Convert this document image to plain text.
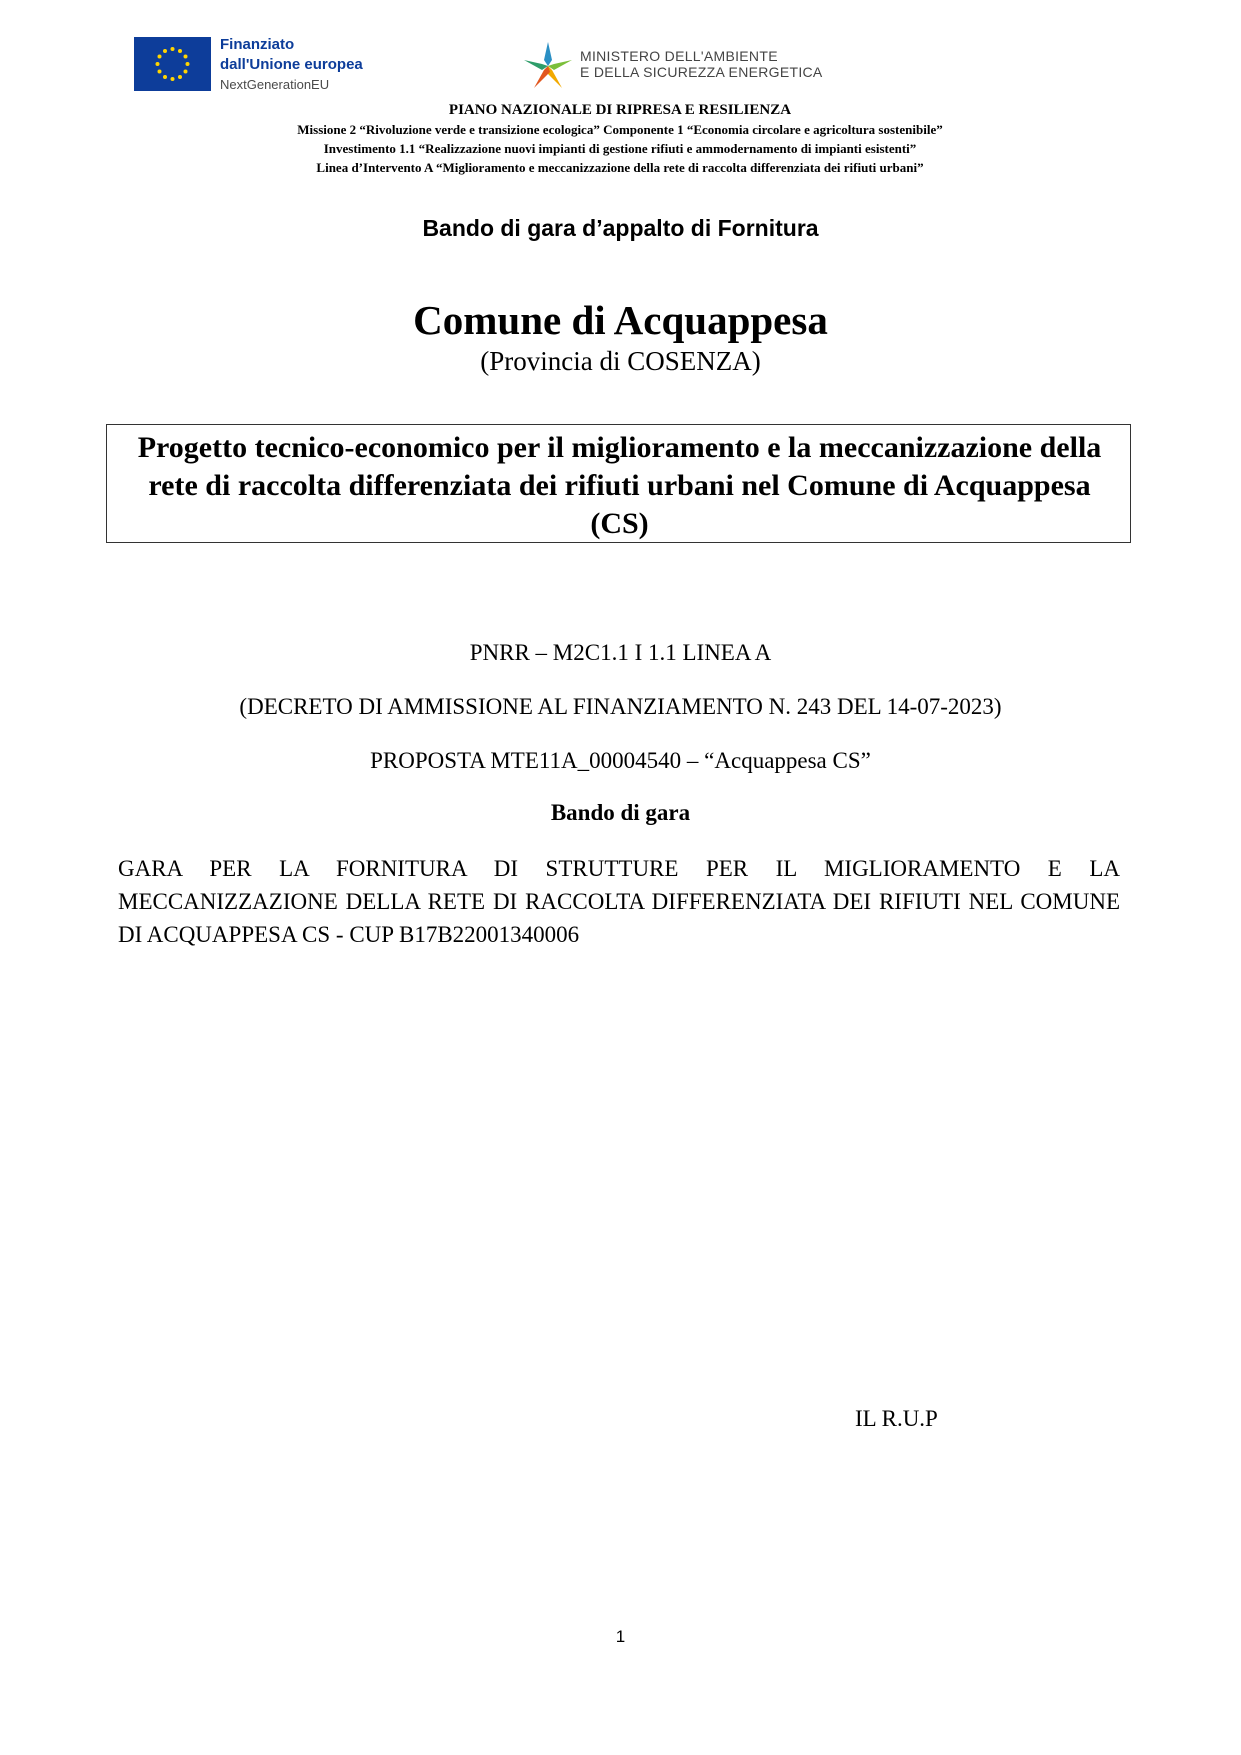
Finanziato
dall'Unione europea
NextGenerationEU
MINISTERO DELL'AMBIENTE
E DELLA SICUREZZA ENERGETICA
PIANO NAZIONALE DI RIPRESA E RESILIENZA
Missione 2 “Rivoluzione verde e transizione ecologica” Componente 1 “Economia circolare e agricoltura sostenibile”
Investimento 1.1 “Realizzazione nuovi impianti di gestione rifiuti e ammodernamento di impianti esistenti”
Linea d’Intervento A “Miglioramento e meccanizzazione della rete di raccolta differenziata dei rifiuti urbani”
Bando di gara d’appalto di Fornitura
Comune di Acquappesa
(Provincia di COSENZA)
Progetto tecnico-economico per il miglioramento e la meccanizzazione della rete di raccolta differenziata dei rifiuti urbani nel Comune di Acquappesa (CS)
PNRR – M2C1.1 I 1.1 LINEA A
(DECRETO DI AMMISSIONE AL FINANZIAMENTO N. 243 DEL 14-07-2023)
PROPOSTA MTE11A_00004540 – “Acquappesa CS”
Bando di gara
GARA PER LA FORNITURA DI STRUTTURE PER IL MIGLIORAMENTO E LA MECCANIZZAZIONE DELLA RETE DI RACCOLTA DIFFERENZIATA DEI RIFIUTI NEL COMUNE DI ACQUAPPESA CS - CUP B17B22001340006
IL R.U.P
1
